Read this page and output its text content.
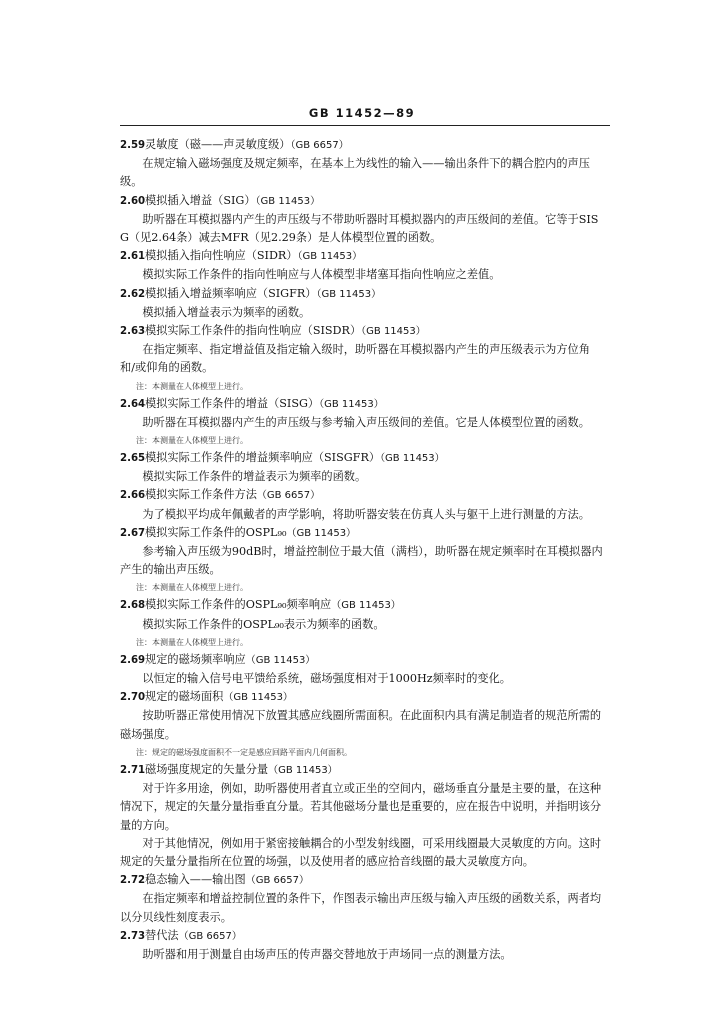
GB 11452—89

2.59灵敏度（磁——声灵敏度级）（GB 6657）

在规定输入磁场强度及规定频率，在基本上为线性的输入——输出条件下的耦合腔内的声压级。

2.60模拟插入增益（SIG）（GB 11453）

助听器在耳模拟器内产生的声压级与不带助听器时耳模拟器内的声压级间的差值。它等于SIS G（见2.64条）减去MFR（见2.29条）是人体模型位置的函数。

2.61模拟插入指向性响应（SIDR）（GB 11453）

模拟实际工作条件的指向性响应与人体模型非堵塞耳指向性响应之差值。

2.62模拟插入增益频率响应（SIGFR）（GB 11453）

模拟插入增益表示为频率的函数。

2.63模拟实际工作条件的指向性响应（SISDR）（GB 11453）

在指定频率、指定增益值及指定输入级时，助听器在耳模拟器内产生的声压级表示为方位角和/或仰角的函数。

注：本测量在人体模型上进行。

2.64模拟实际工作条件的增益（SISG）（GB 11453）

助听器在耳模拟器内产生的声压级与参考输入声压级间的差值。它是人体模型位置的函数。

注：本测量在人体模型上进行。

2.65模拟实际工作条件的增益频率响应（SISGFR）（GB 11453）

模拟实际工作条件的增益表示为频率的函数。

2.66模拟实际工作条件方法（GB 6657）

为了模拟平均成年佩戴者的声学影响，将助听器安装在仿真人头与躯干上进行测量的方法。

2.67模拟实际工作条件的OSPL₉₀（GB 11453）

参考输入声压级为90dB时，增益控制位于最大值（满档），助听器在规定频率时在耳模拟器内产生的输出声压级。

注：本测量在人体模型上进行。

2.68模拟实际工作条件的OSPL₉₀频率响应（GB 11453）

模拟实际工作条件的OSPL₉₀表示为频率的函数。

注：本测量在人体模型上进行。

2.69规定的磁场频率响应（GB 11453）

以恒定的输入信号电平馈给系统，磁场强度相对于1000Hz频率时的变化。

2.70规定的磁场面积（GB 11453）

按助听器正常使用情况下放置其感应线圈所需面积。在此面积内具有满足制造者的规范所需的磁场强度。

注：规定的磁场强度面积不一定是感应回路平面内几何面积。

2.71磁场强度规定的矢量分量（GB 11453）

对于许多用途，例如，助听器使用者直立或正坐的空间内，磁场垂直分量是主要的量，在这种情况下，规定的矢量分量指垂直分量。若其他磁场分量也是重要的，应在报告中说明，并指明该分量的方向。

对于其他情况，例如用于紧密接触耦合的小型发射线圈，可采用线圈最大灵敏度的方向。这时规定的矢量分量指所在位置的场强，以及使用者的感应拾音线圈的最大灵敏度方向。

2.72稳态输入——输出图（GB 6657）

在指定频率和增益控制位置的条件下，作图表示输出声压级与输入声压级的函数关系，两者均以分贝线性刻度表示。

2.73替代法（GB 6657）

助听器和用于测量自由场声压的传声器交替地放于声场同一点的测量方法。
